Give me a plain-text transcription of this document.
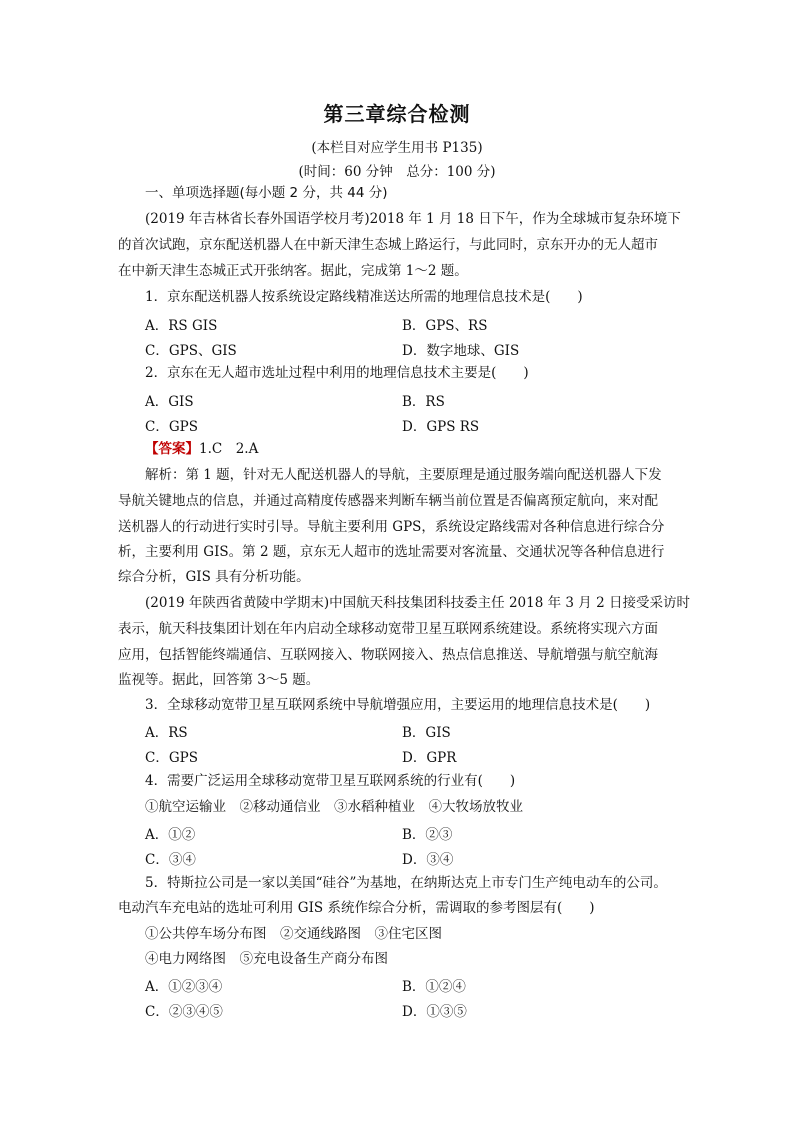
第三章综合检测
(本栏目对应学生用书 P135)
(时间：60 分钟　总分：100 分)
一、单项选择题(每小题 2 分，共 44 分)
(2019 年吉林省长春外国语学校月考)2018 年 1 月 18 日下午，作为全球城市复杂环境下
的首次试跑，京东配送机器人在中新天津生态城上路运行，与此同时，京东开办的无人超市
在中新天津生态城正式开张纳客。据此，完成第 1～2 题。
1．京东配送机器人按系统设定路线精准送达所需的地理信息技术是(　　)
A．RS GIS	B．GPS、RS
C．GPS、GIS	D．数字地球、GIS
2．京东在无人超市选址过程中利用的地理信息技术主要是(　　)
A．GIS	B．RS
C．GPS	D．GPS RS
【答案】1.C　2.A
解析：第 1 题，针对无人配送机器人的导航，主要原理是通过服务端向配送机器人下发
导航关键地点的信息，并通过高精度传感器来判断车辆当前位置是否偏离预定航向，来对配
送机器人的行动进行实时引导。导航主要利用 GPS，系统设定路线需对各种信息进行综合分
析，主要利用 GIS。第 2 题，京东无人超市的选址需要对客流量、交通状况等各种信息进行
综合分析，GIS 具有分析功能。
(2019 年陕西省黄陵中学期末)中国航天科技集团科技委主任 2018 年 3 月 2 日接受采访时
表示，航天科技集团计划在年内启动全球移动宽带卫星互联网系统建设。系统将实现六方面
应用，包括智能终端通信、互联网接入、物联网接入、热点信息推送、导航增强与航空航海
监视等。据此，回答第 3～5 题。
3．全球移动宽带卫星互联网系统中导航增强应用，主要运用的地理信息技术是(　　)
A．RS	B．GIS
C．GPS	D．GPR
4．需要广泛运用全球移动宽带卫星互联网系统的行业有(　　)
①航空运输业　②移动通信业　③水稻种植业　④大牧场放牧业
A．①②	B．②③
C．③④	D．③④
5．特斯拉公司是一家以美国“硅谷”为基地，在纳斯达克上市专门生产纯电动车的公司。
电动汽车充电站的选址可利用 GIS 系统作综合分析，需调取的参考图层有(　　)
①公共停车场分布图　②交通线路图　③住宅区图
④电力网络图　⑤充电设备生产商分布图
A．①②③④	B．①②④
C．②③④⑤	D．①③⑤
